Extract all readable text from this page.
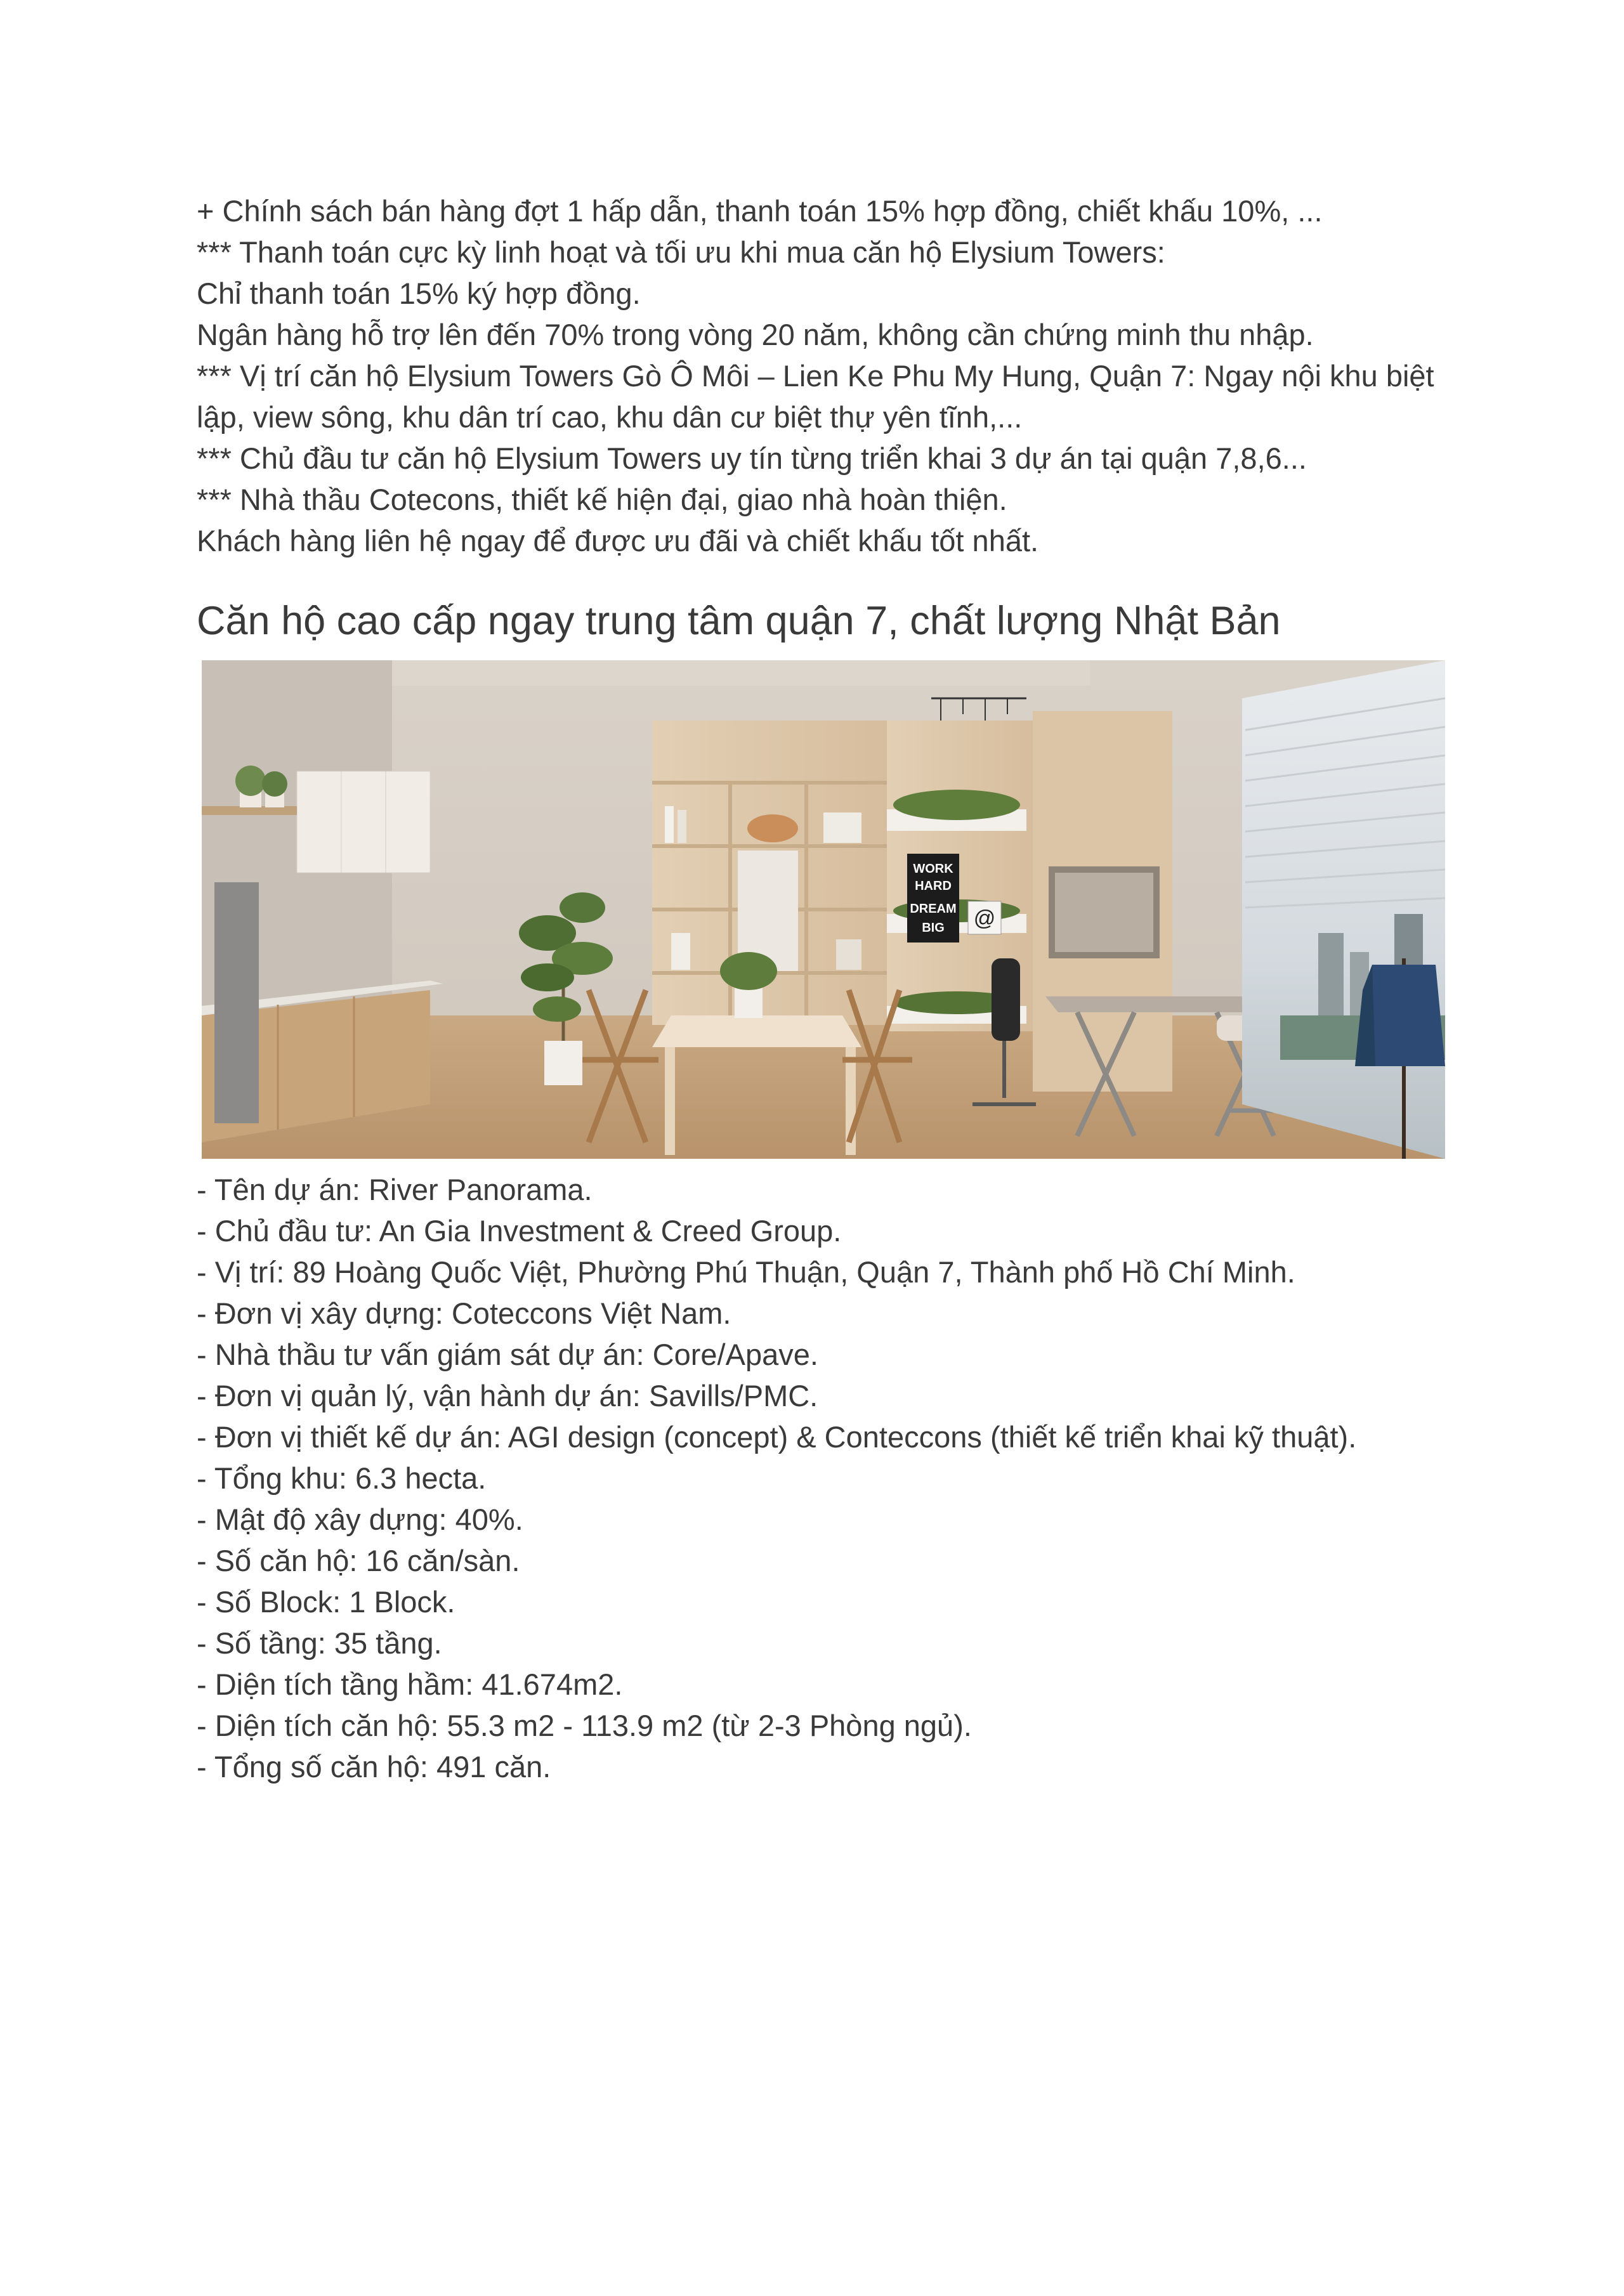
+ Chính sách bán hàng đợt 1 hấp dẫn, thanh toán 15% hợp đồng, chiết khấu 10%, ...

*** Thanh toán cực kỳ linh hoạt và tối ưu khi mua căn hộ Elysium Towers:

Chỉ thanh toán 15% ký hợp đồng.

Ngân hàng hỗ trợ lên đến 70% trong vòng 20 năm, không cần chứng minh thu nhập.

*** Vị trí căn hộ Elysium Towers Gò Ô Môi – Lien Ke Phu My Hung, Quận 7: Ngay nội khu biệt lập, view sông, khu dân trí cao, khu dân cư biệt thự yên tĩnh,...

*** Chủ đầu tư căn hộ Elysium Towers uy tín từng triển khai 3 dự án tại quận 7,8,6...

*** Nhà thầu Cotecons, thiết kế hiện đại, giao nhà hoàn thiện.

Khách hàng liên hệ ngay để được ưu đãi và chiết khấu tốt nhất.

Căn hộ cao cấp ngay trung tâm quận 7, chất lượng Nhật Bản
WORK
HARD
DREAM
BIG @

- Tên dự án: River Panorama.

- Chủ đầu tư: An Gia Investment & Creed Group.

- Vị trí: 89 Hoàng Quốc Việt, Phường Phú Thuận, Quận 7, Thành phố Hồ Chí Minh.

- Đơn vị xây dựng: Coteccons Việt Nam.

- Nhà thầu tư vấn giám sát dự án: Core/Apave.

- Đơn vị quản lý, vận hành dự án: Savills/PMC.

- Đơn vị thiết kế dự án: AGI design (concept) & Conteccons (thiết kế triển khai kỹ thuật).

- Tổng khu: 6.3 hecta.

- Mật độ xây dựng: 40%.

- Số căn hộ: 16 căn/sàn.

- Số Block: 1 Block.

- Số tầng: 35 tầng.

- Diện tích tầng hầm: 41.674m2.

- Diện tích căn hộ: 55.3 m2 - 113.9 m2 (từ 2-3 Phòng ngủ).

- Tổng số căn hộ: 491 căn.
